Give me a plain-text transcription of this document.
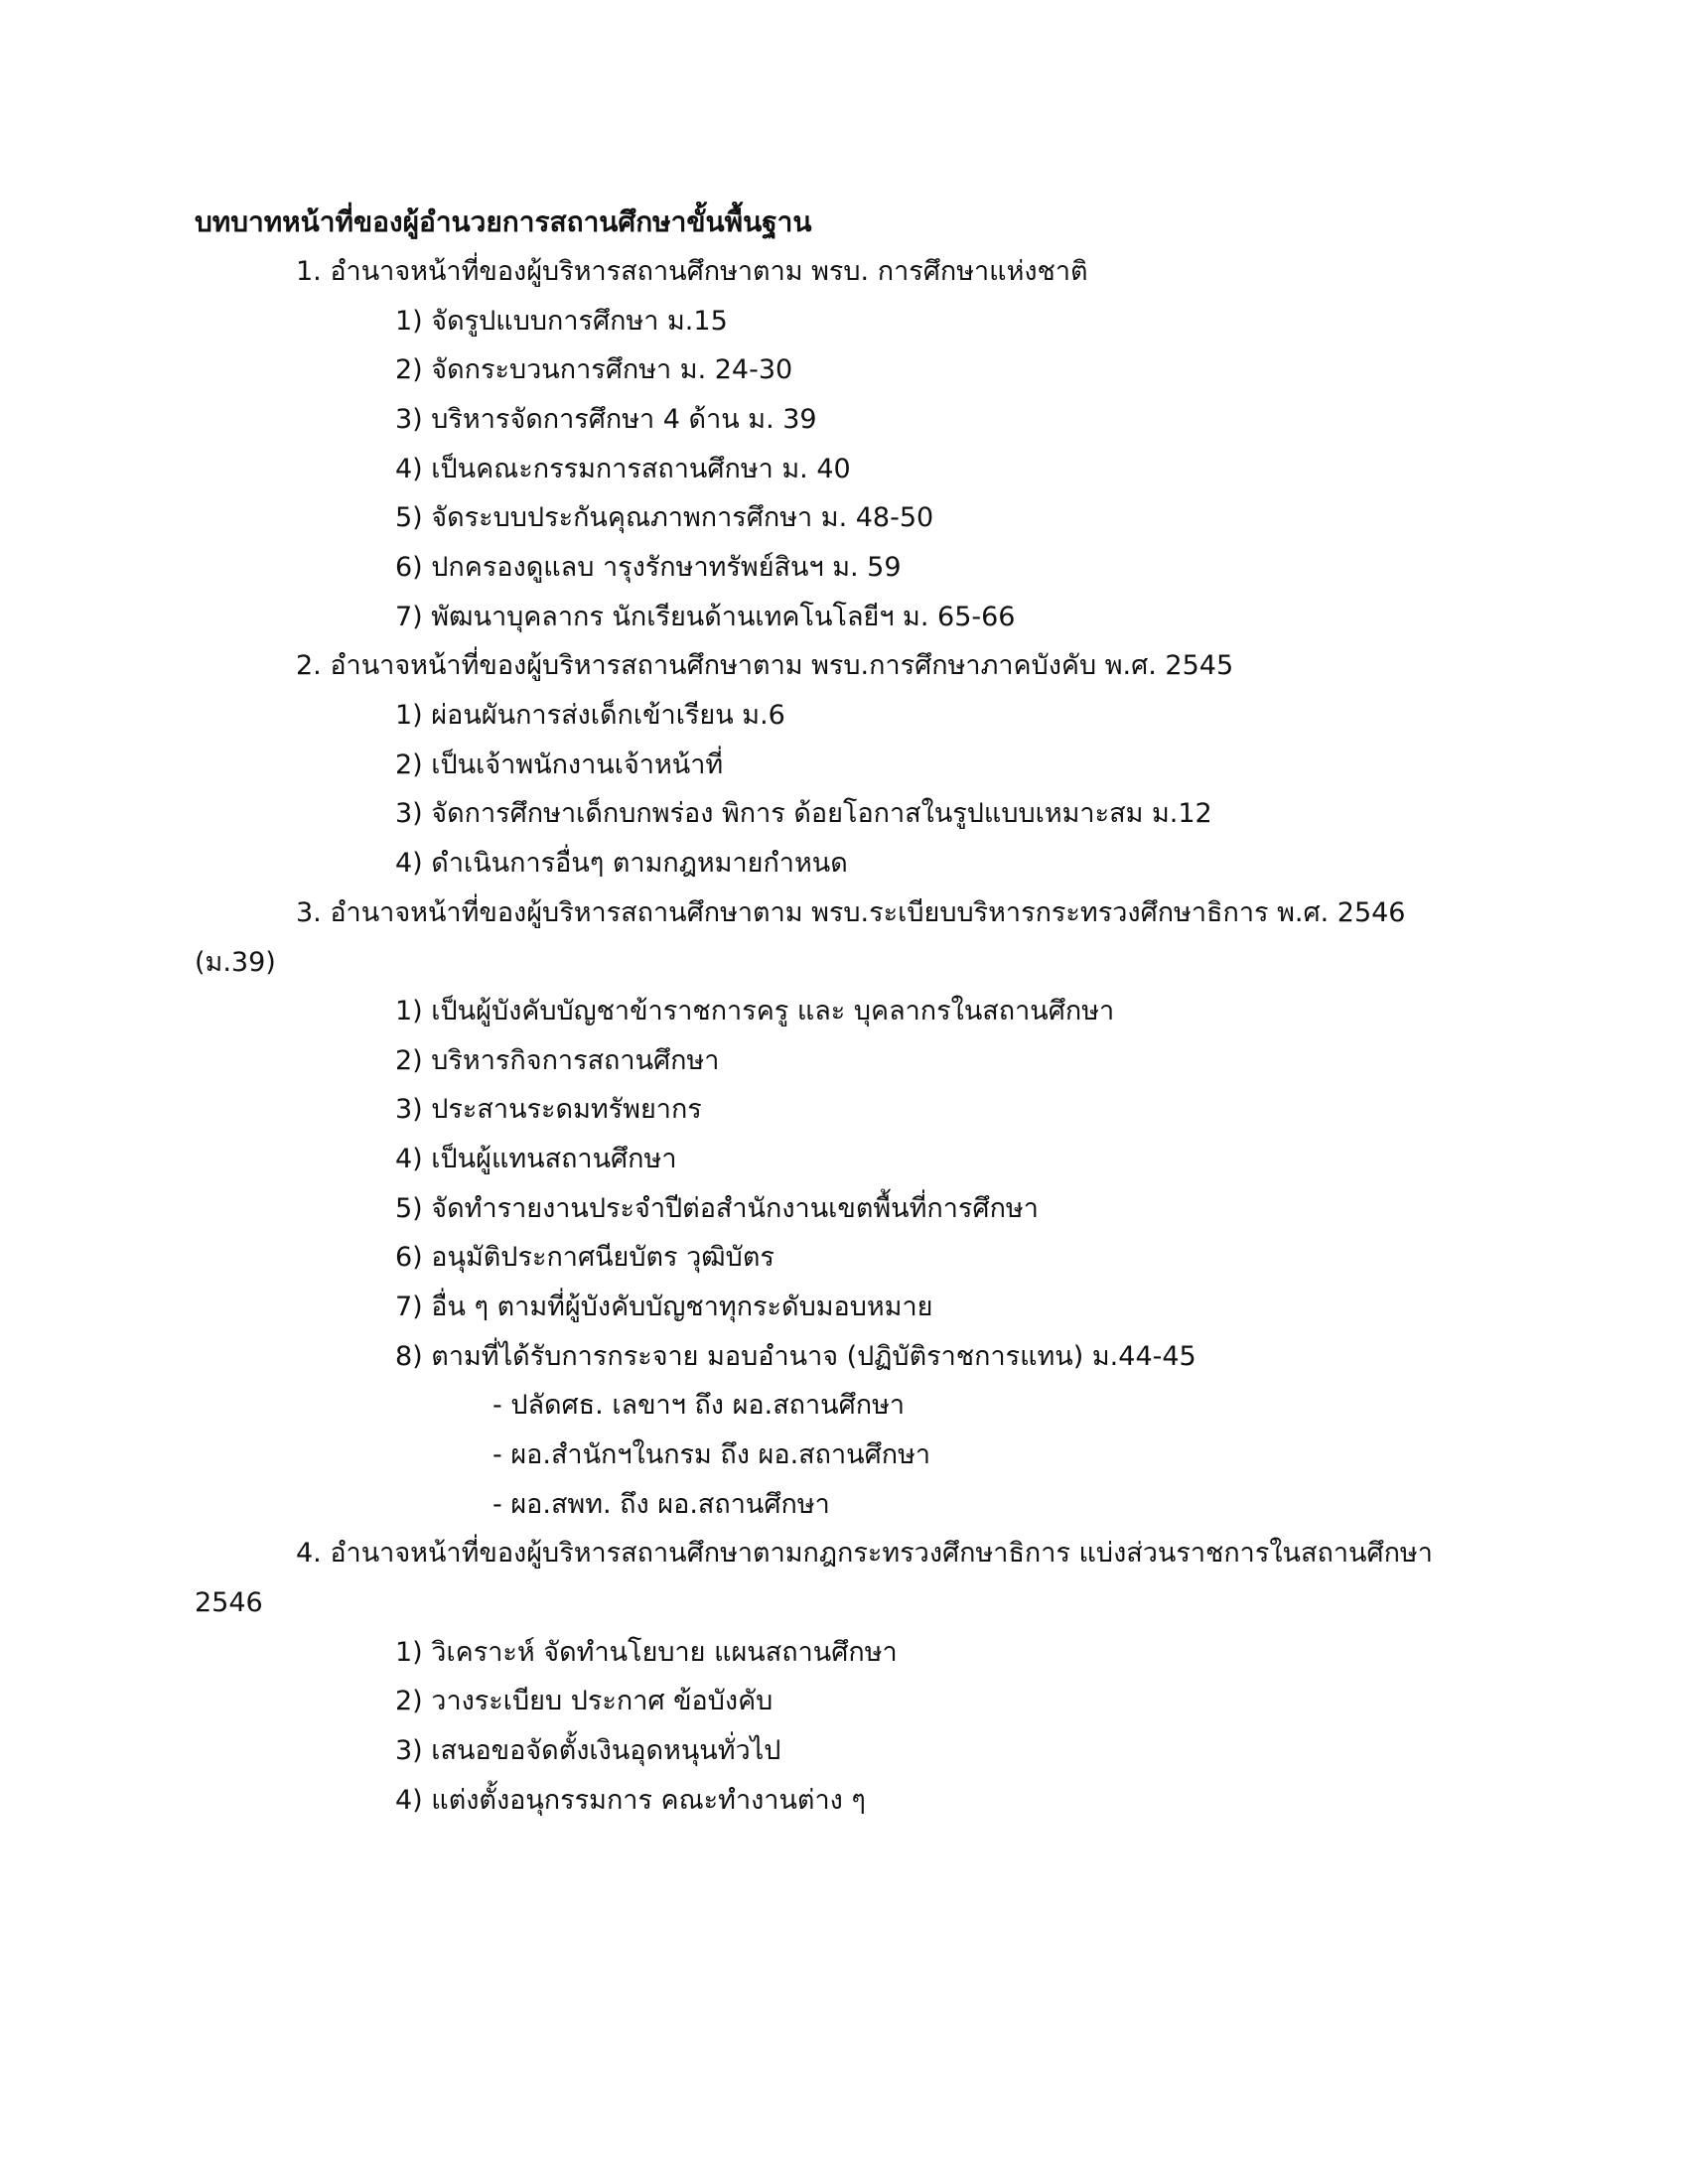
บทบาทหน้าที่ของผู้อำนวยการสถานศึกษาขั้นพื้นฐาน
1. อำนาจหน้าที่ของผู้บริหารสถานศึกษาตาม พรบ. การศึกษาแห่งชาติ
1) จัดรูปแบบการศึกษา ม.15
2) จัดกระบวนการศึกษา ม. 24-30
3) บริหารจัดการศึกษา 4 ด้าน ม. 39
4) เป็นคณะกรรมการสถานศึกษา ม. 40
5) จัดระบบประกันคุณภาพการศึกษา ม. 48-50
6) ปกครองดูแลบ ารุงรักษาทรัพย์สินฯ ม. 59
7) พัฒนาบุคลากร นักเรียนด้านเทคโนโลยีฯ ม. 65-66
2. อำนาจหน้าที่ของผู้บริหารสถานศึกษาตาม พรบ.การศึกษาภาคบังคับ พ.ศ. 2545
1) ผ่อนผันการส่งเด็กเข้าเรียน ม.6
2) เป็นเจ้าพนักงานเจ้าหน้าที่
3) จัดการศึกษาเด็กบกพร่อง พิการ ด้อยโอกาสในรูปแบบเหมาะสม ม.12
4) ดำเนินการอื่นๆ ตามกฎหมายกำหนด
3. อำนาจหน้าที่ของผู้บริหารสถานศึกษาตาม พรบ.ระเบียบบริหารกระทรวงศึกษาธิการ พ.ศ. 2546
(ม.39)
1) เป็นผู้บังคับบัญชาข้าราชการครู และ บุคลากรในสถานศึกษา
2) บริหารกิจการสถานศึกษา
3) ประสานระดมทรัพยากร
4) เป็นผู้แทนสถานศึกษา
5) จัดทำรายงานประจำปีต่อสำนักงานเขตพื้นที่การศึกษา
6) อนุมัติประกาศนียบัตร วุฒิบัตร
7) อื่น ๆ ตามที่ผู้บังคับบัญชาทุกระดับมอบหมาย
8) ตามที่ได้รับการกระจาย มอบอำนาจ (ปฏิบัติราชการแทน) ม.44-45
- ปลัดศธ. เลขาฯ ถึง ผอ.สถานศึกษา
- ผอ.สำนักฯในกรม ถึง ผอ.สถานศึกษา
- ผอ.สพท. ถึง ผอ.สถานศึกษา
4. อำนาจหน้าที่ของผู้บริหารสถานศึกษาตามกฎกระทรวงศึกษาธิการ แบ่งส่วนราชการในสถานศึกษา
2546
1) วิเคราะห์ จัดทำนโยบาย แผนสถานศึกษา
2) วางระเบียบ ประกาศ ข้อบังคับ
3) เสนอขอจัดตั้งเงินอุดหนุนทั่วไป
4) แต่งตั้งอนุกรรมการ คณะทำงานต่าง ๆ
